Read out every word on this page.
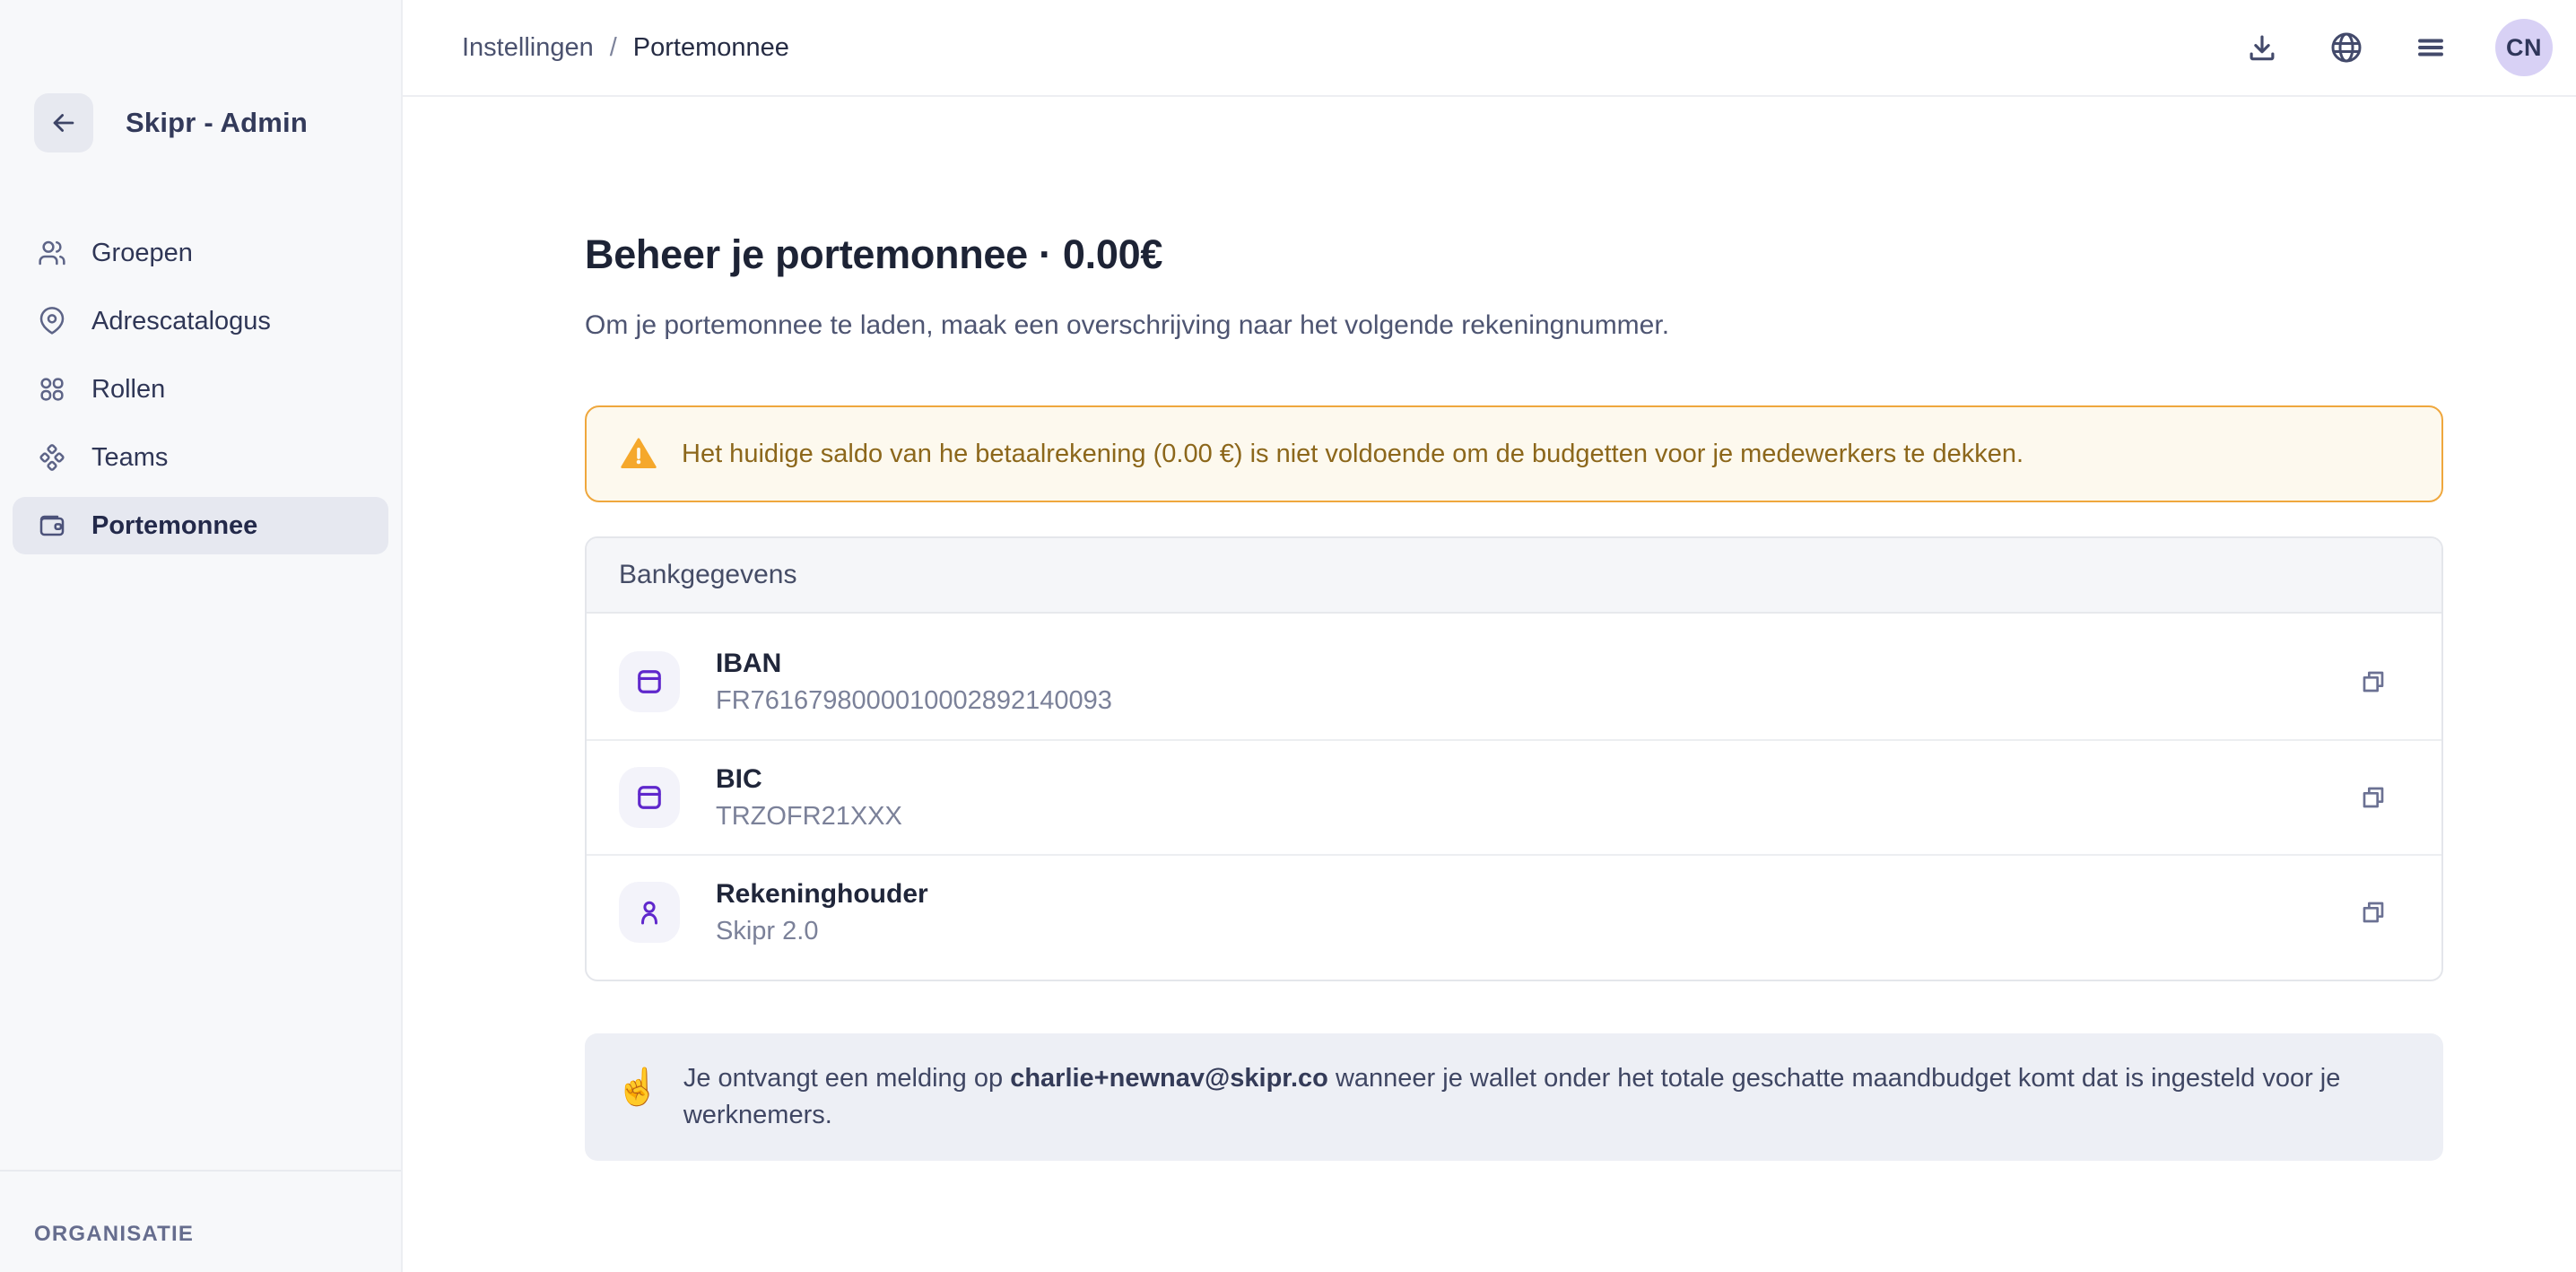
Skipr - Admin
Groepen
Adrescatalogus
Rollen
Teams
Portemonnee
ORGANISATIE
Instellingen / Portemonnee	CN
Beheer je portemonnee · 0.00€

Om je portemonnee te laden, maak een overschrijving naar het volgende rekeningnummer.

Het huidige saldo van he betaalrekening (0.00 €) is niet voldoende om de budgetten voor je medewerkers te dekken.
Bankgegevens
IBAN
FR7616798000010002892140093
BIC
TRZOFR21XXX
Rekeninghouder
Skipr 2.0
☝️ Je ontvangt een melding op charlie+newnav@skipr.co wanneer je wallet onder het totale geschatte maandbudget komt dat is ingesteld voor je werknemers.
